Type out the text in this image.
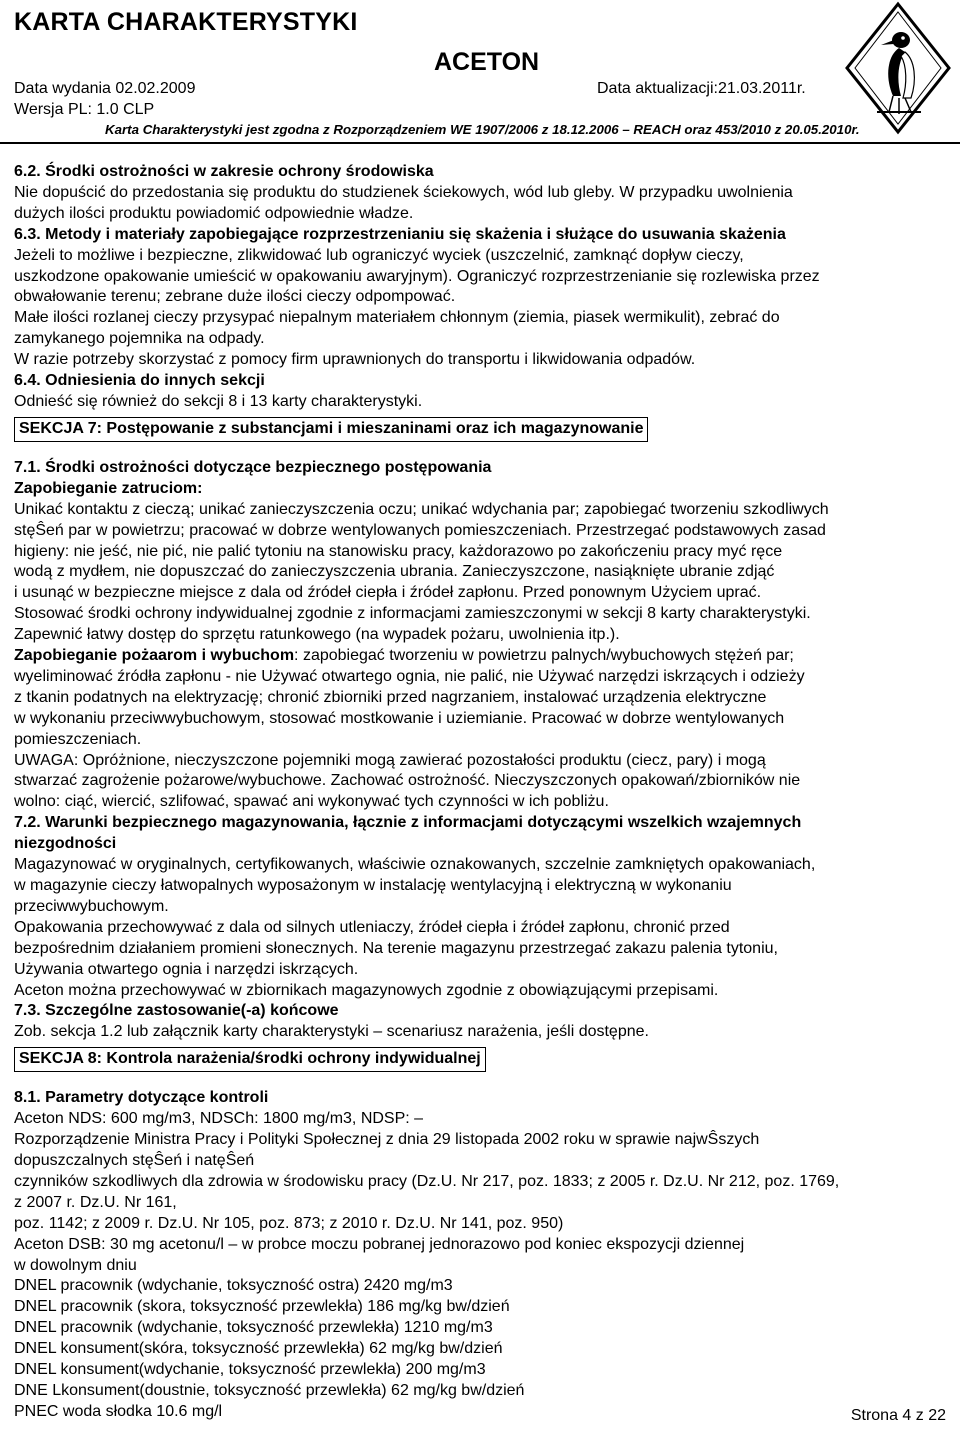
KARTA CHARAKTERYSTYKI
ACETON
Data wydania 02.02.2009	Data aktualizacji:21.03.2011r.
Wersja PL: 1.0 CLP
Karta Charakterystyki jest zgodna z Rozporządzeniem WE 1907/2006 z 18.12.2006 – REACH oraz 453/2010 z 20.05.2010r.
6.2. Środki ostrożności w zakresie ochrony środowiska
Nie dopuścić do przedostania się produktu do studzienek ściekowych, wód lub gleby. W przypadku uwolnienia
dużych ilości produktu powiadomić odpowiednie władze.
6.3. Metody i materiały zapobiegające rozprzestrzenianiu się skażenia i służące do usuwania skażenia
Jeżeli to możliwe i bezpieczne, zlikwidować lub ograniczyć wyciek (uszczelnić, zamknąć dopływ cieczy,
uszkodzone opakowanie umieścić w opakowaniu awaryjnym). Ograniczyć rozprzestrzenianie się rozlewiska przez
obwałowanie terenu; zebrane duże ilości cieczy odpompować.
Małe ilości rozlanej cieczy przysypać niepalnym materiałem chłonnym (ziemia, piasek wermikulit), zebrać do
zamykanego pojemnika na odpady.
W razie potrzeby skorzystać z pomocy firm uprawnionych do transportu i likwidowania odpadów.
6.4. Odniesienia do innych sekcji
Odnieść się również do sekcji 8 i 13 karty charakterystyki.
SEKCJA 7: Postępowanie z substancjami i mieszaninami oraz ich magazynowanie
7.1. Środki ostrożności dotyczące bezpiecznego postępowania
Zapobieganie zatruciom:
Unikać kontaktu z cieczą; unikać zanieczyszczenia oczu; unikać wdychania par; zapobiegać tworzeniu szkodliwych
stęŜeń par w powietrzu; pracować w dobrze wentylowanych pomieszczeniach. Przestrzegać podstawowych zasad
higieny: nie jeść, nie pić, nie palić tytoniu na stanowisku pracy, każdorazowo po zakończeniu pracy myć ręce
wodą z mydłem, nie dopuszczać do zanieczyszczenia ubrania. Zanieczyszczone, nasiąknięte ubranie zdjąć
i usunąć w bezpieczne miejsce z dala od źródeł ciepła i źródeł zapłonu. Przed ponownym Użyciem uprać.
Stosować środki ochrony indywidualnej zgodnie z informacjami zamieszczonymi w sekcji 8 karty charakterystyki.
Zapewnić łatwy dostęp do sprzętu ratunkowego (na wypadek pożaru, uwolnienia itp.).
Zapobieganie pożaarom i wybuchom: zapobiegać tworzeniu w powietrzu palnych/wybuchowych stężeń par;
wyeliminować źródła zapłonu - nie Używać otwartego ognia, nie palić, nie Używać narzędzi iskrzących i odzieży
z tkanin podatnych na elektryzację; chronić zbiorniki przed nagrzaniem, instalować urządzenia elektryczne
w wykonaniu przeciwwybuchowym, stosować mostkowanie i uziemianie. Pracować w dobrze wentylowanych
pomieszczeniach.
UWAGA: Opróżnione, nieczyszczone pojemniki mogą zawierać pozostałości produktu (ciecz, pary) i mogą
stwarzać zagrożenie pożarowe/wybuchowe. Zachować ostrożność. Nieczyszczonych opakowań/zbiorników nie
wolno: ciąć, wiercić, szlifować, spawać ani wykonywać tych czynności w ich pobliżu.
7.2. Warunki bezpiecznego magazynowania, łącznie z informacjami dotyczącymi wszelkich wzajemnych
niezgodności
Magazynować w oryginalnych, certyfikowanych, właściwie oznakowanych, szczelnie zamkniętych opakowaniach,
w magazynie cieczy łatwopalnych wyposażonym w instalację wentylacyjną i elektryczną w wykonaniu
przeciwwybuchowym.
Opakowania przechowywać z dala od silnych utleniaczy, źródeł ciepła i źródeł zapłonu, chronić przed
bezpośrednim działaniem promieni słonecznych. Na terenie magazynu przestrzegać zakazu palenia tytoniu,
Używania otwartego ognia i narzędzi iskrzących.
Aceton można przechowywać w zbiornikach magazynowych zgodnie z obowiązującymi przepisami.
7.3. Szczególne zastosowanie(-a) końcowe
Zob. sekcja 1.2 lub załącznik karty charakterystyki – scenariusz narażenia, jeśli dostępne.
SEKCJA 8: Kontrola narażenia/środki ochrony indywidualnej
8.1. Parametry dotyczące kontroli
Aceton NDS: 600 mg/m3, NDSCh: 1800 mg/m3, NDSP: –
Rozporządzenie Ministra Pracy i Polityki Społecznej z dnia 29 listopada 2002 roku w sprawie najwŜszych
dopuszczalnych stęŜeń i natęŜeń
czynników szkodliwych dla zdrowia w środowisku pracy (Dz.U. Nr 217, poz. 1833; z 2005 r. Dz.U. Nr 212, poz. 1769,
z 2007 r. Dz.U. Nr 161,
poz. 1142; z 2009 r. Dz.U. Nr 105, poz. 873; z 2010 r. Dz.U. Nr 141, poz. 950)
Aceton DSB: 30 mg acetonu/l – w probce moczu pobranej jednorazowo pod koniec ekspozycji dziennej
w dowolnym dniu
DNEL pracownik (wdychanie, toksyczność ostra) 2420 mg/m3
DNEL pracownik (skora, toksyczność przewlekła) 186 mg/kg bw/dzień
DNEL pracownik (wdychanie, toksyczność przewlekła) 1210 mg/m3
DNEL konsument(skóra, toksyczność przewlekła) 62 mg/kg bw/dzień
DNEL konsument(wdychanie, toksyczność przewlekła) 200 mg/m3
DNE Lkonsument(doustnie, toksyczność przewlekła) 62 mg/kg bw/dzień
PNEC woda słodka 10.6 mg/l	Strona 4 z 22
